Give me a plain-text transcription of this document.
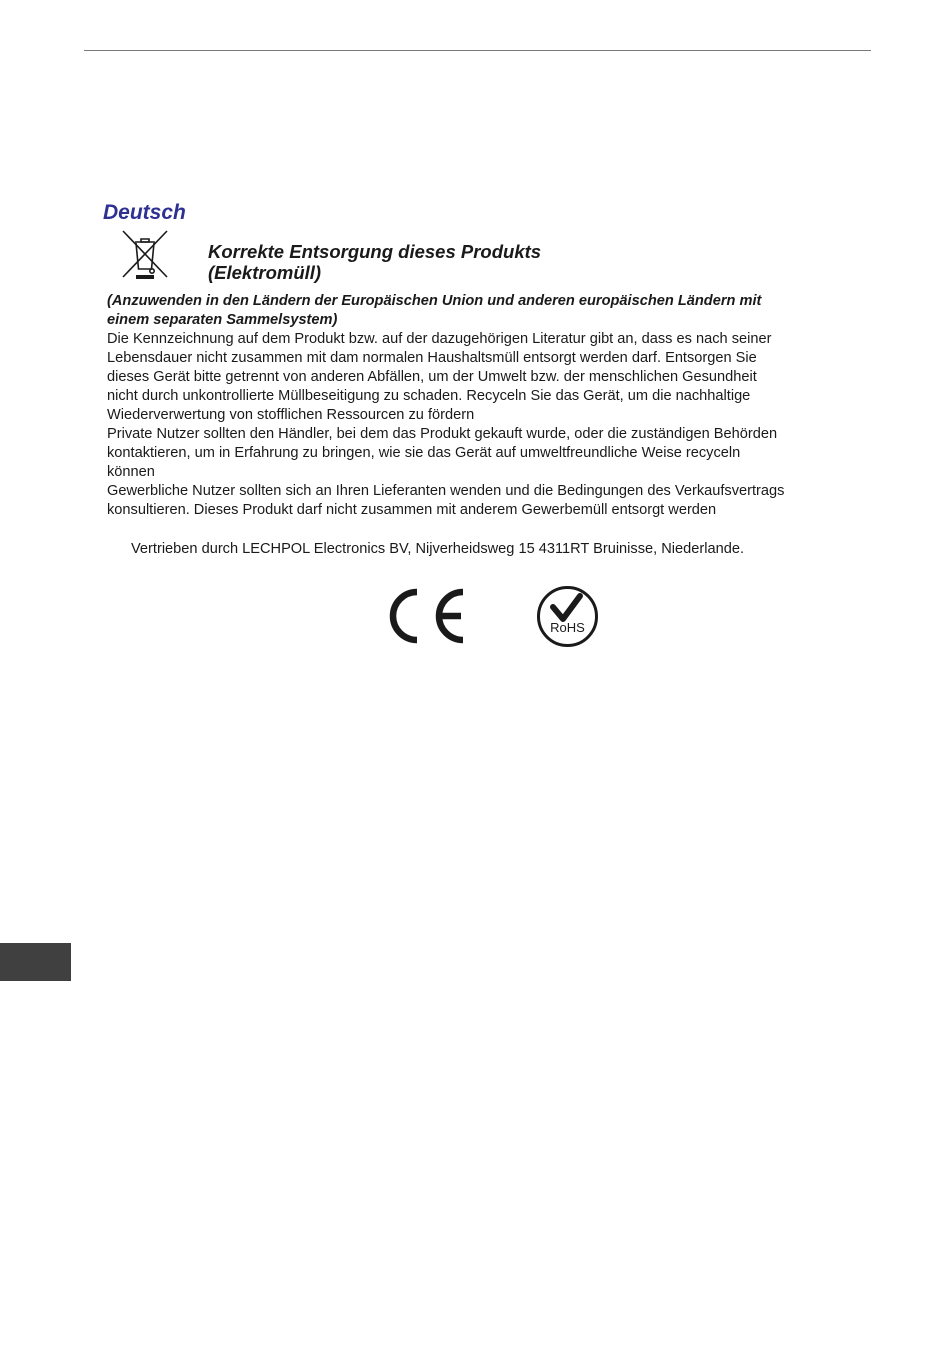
Deutsch
Korrekte Entsorgung dieses Produkts
(Elektromüll)
(Anzuwenden in den Ländern der Europäischen Union und anderen europäischen Ländern mit
einem separaten Sammelsystem)
Die Kennzeichnung auf dem Produkt bzw. auf der dazugehörigen Literatur gibt an, dass es nach seiner
Lebensdauer nicht zusammen mit dam normalen Haushaltsmüll entsorgt werden darf. Entsorgen Sie
dieses Gerät bitte getrennt von anderen Abfällen, um der Umwelt bzw. der menschlichen Gesundheit
nicht durch unkontrollierte Müllbeseitigung zu schaden. Recyceln Sie das Gerät, um die nachhaltige
Wiederverwertung von stofflichen Ressourcen zu fördern
Private Nutzer sollten den Händler, bei dem das Produkt gekauft wurde, oder die zuständigen Behörden
kontaktieren, um in Erfahrung zu bringen, wie sie das Gerät auf umweltfreundliche Weise recyceln
können
Gewerbliche Nutzer sollten sich an Ihren Lieferanten wenden und die Bedingungen des Verkaufsvertrags
konsultieren. Dieses Produkt darf nicht zusammen mit anderem Gewerbemüll entsorgt werden
Vertrieben durch LECHPOL Electronics BV, Nijverheidsweg 15 4311RT Bruinisse, Niederlande.
RoHS
